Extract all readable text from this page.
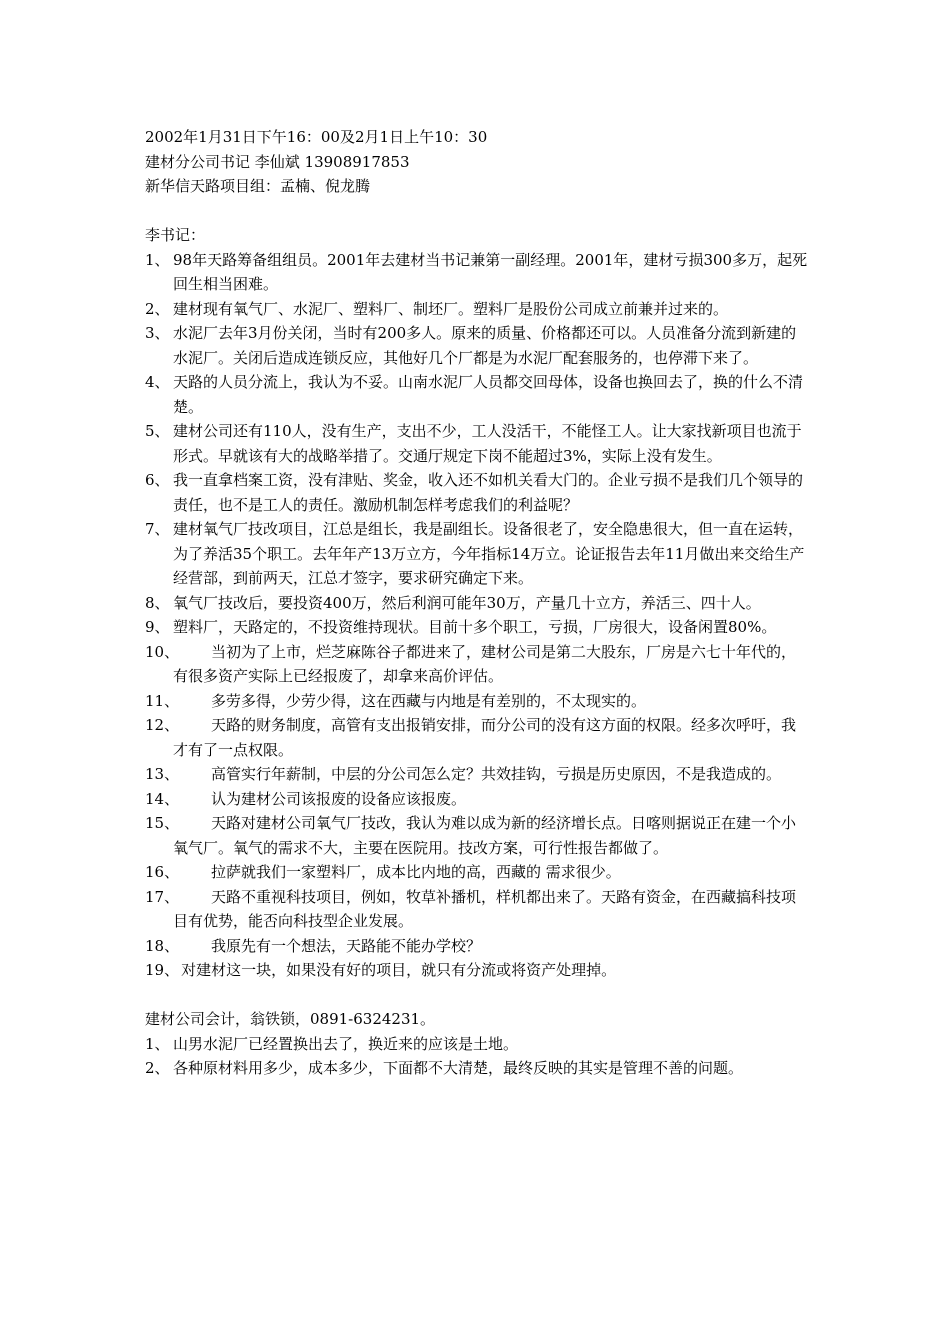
2002年1月31日下午16：00及2月1日上午10：30
建材分公司书记 李仙斌 13908917853
新华信天路项目组：孟楠、倪龙腾
李书记：
1、 98年天路筹备组组员。2001年去建材当书记兼第一副经理。2001年，建材亏损300多万，起死回生相当困难。
2、 建材现有氧气厂、水泥厂、塑料厂、制坯厂。塑料厂是股份公司成立前兼并过来的。
3、 水泥厂去年3月份关闭，当时有200多人。原来的质量、价格都还可以。人员准备分流到新建的水泥厂。关闭后造成连锁反应，其他好几个厂都是为水泥厂配套服务的，也停滞下来了。
4、 天路的人员分流上，我认为不妥。山南水泥厂人员都交回母体，设备也换回去了，换的什么不清楚。
5、 建材公司还有110人，没有生产，支出不少，工人没活干，不能怪工人。让大家找新项目也流于形式。早就该有大的战略举措了。交通厅规定下岗不能超过3%，实际上没有发生。
6、 我一直拿档案工资，没有津贴、奖金，收入还不如机关看大门的。企业亏损不是我们几个领导的责任，也不是工人的责任。激励机制怎样考虑我们的利益呢？
7、 建材氧气厂技改项目，江总是组长，我是副组长。设备很老了，安全隐患很大，但一直在运转，为了养活35个职工。去年年产13万立方，今年指标14万立。论证报告去年11月做出来交给生产经营部，到前两天，江总才签字，要求研究确定下来。
8、 氧气厂技改后，要投资400万，然后利润可能年30万，产量几十立方，养活三、四十人。
9、 塑料厂，天路定的，不投资维持现状。目前十多个职工，亏损，厂房很大，设备闲置80%。
10、 当初为了上市，烂芝麻陈谷子都进来了，建材公司是第二大股东，厂房是六七十年代的，有很多资产实际上已经报废了，却拿来高价评估。
11、 多劳多得，少劳少得，这在西藏与内地是有差别的，不太现实的。
12、 天路的财务制度，高管有支出报销安排，而分公司的没有这方面的权限。经多次呼吁，我才有了一点权限。
13、 高管实行年薪制，中层的分公司怎么定？共效挂钩，亏损是历史原因，不是我造成的。
14、 认为建材公司该报废的设备应该报废。
15、 天路对建材公司氧气厂技改，我认为难以成为新的经济增长点。日喀则据说正在建一个小氧气厂。氧气的需求不大，主要在医院用。技改方案，可行性报告都做了。
16、 拉萨就我们一家塑料厂，成本比内地的高，西藏的 需求很少。
17、 天路不重视科技项目，例如，牧草补播机，样机都出来了。天路有资金，在西藏搞科技项目有优势，能否向科技型企业发展。
18、 我原先有一个想法，天路能不能办学校？
19、 对建材这一块，如果没有好的项目，就只有分流或将资产处理掉。
建材公司会计，翁铁锁，0891-6324231。
1、 山男水泥厂已经置换出去了，换近来的应该是土地。
2、 各种原材料用多少，成本多少，下面都不大清楚，最终反映的其实是管理不善的问题。
